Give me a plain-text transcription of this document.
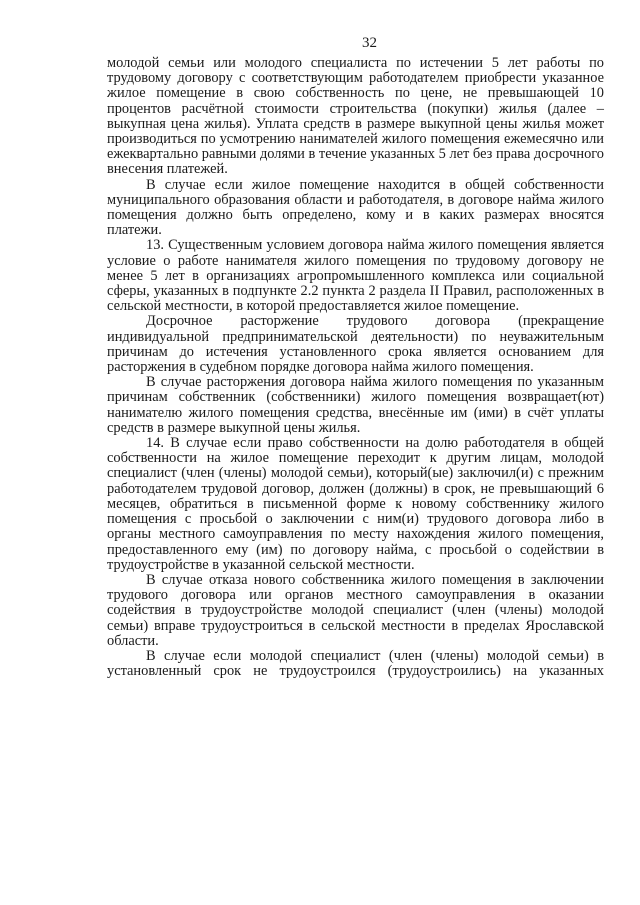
32

молодой семьи или молодого специалиста по истечении 5 лет работы по трудовому договору с соответствующим работодателем приобрести указанное жилое помещение в свою собственность по цене, не превышающей 10 процентов расчётной стоимости строительства (покупки) жилья (далее – выкупная цена жилья). Уплата средств в размере выкупной цены жилья может производиться по усмотрению нанимателей жилого помещения ежемесячно или ежеквартально равными долями в течение указанных 5 лет без права досрочного внесения платежей.

В случае если жилое помещение находится в общей собственности муниципального образования области и работодателя, в договоре найма жилого помещения должно быть определено, кому и в каких размерах вносятся платежи.

13. Существенным условием договора найма жилого помещения является условие о работе нанимателя жилого помещения по трудовому договору не менее 5 лет в организациях агропромышленного комплекса или социальной сферы, указанных в подпункте 2.2 пункта 2 раздела II Правил, расположенных в сельской местности, в которой предоставляется жилое помещение.

Досрочное расторжение трудового договора (прекращение индивидуальной предпринимательской деятельности) по неуважительным причинам до истечения установленного срока является основанием для расторжения в судебном порядке договора найма жилого помещения.

В случае расторжения договора найма жилого помещения по указанным причинам собственник (собственники) жилого помещения возвращает(ют) нанимателю жилого помещения средства, внесённые им (ими) в счёт уплаты средств в размере выкупной цены жилья.

14. В случае если право собственности на долю работодателя в общей собственности на жилое помещение переходит к другим лицам, молодой специалист (член (члены) молодой семьи), который(ые) заключил(и) с прежним работодателем трудовой договор, должен (должны) в срок, не превышающий 6 месяцев, обратиться в письменной форме к новому собственнику жилого помещения с просьбой о заключении с ним(и) трудового договора либо в органы местного самоуправления по месту нахождения жилого помещения, предоставленного ему (им) по договору найма, с просьбой о содействии в трудоустройстве в указанной сельской местности.

В случае отказа нового собственника жилого помещения в заключении трудового договора или органов местного самоуправления в оказании содействия в трудоустройстве молодой специалист (член (члены) молодой семьи) вправе трудоустроиться в сельской местности в пределах Ярославской области.

В случае если молодой специалист (член (члены) молодой семьи) в установленный срок не трудоустроился (трудоустроились) на указанных
